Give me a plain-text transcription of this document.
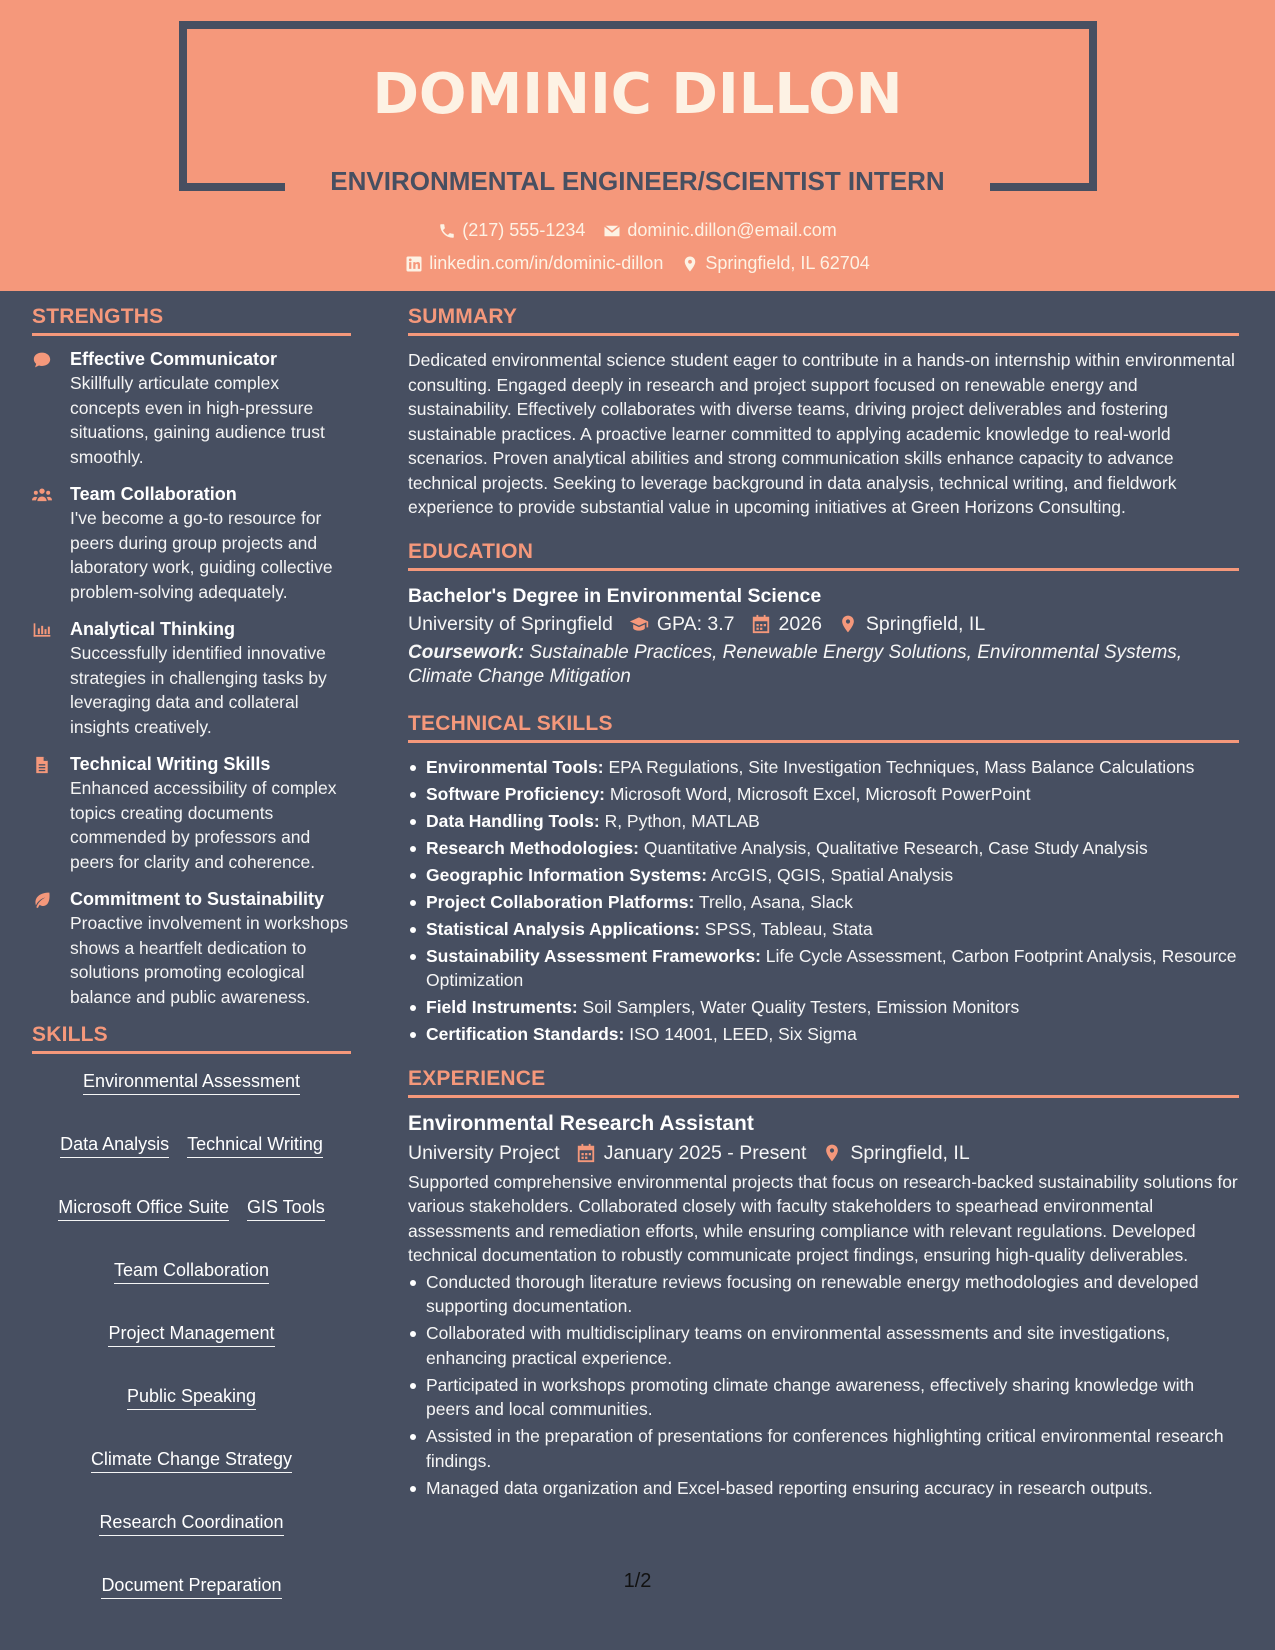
DOMINIC DILLON
ENVIRONMENTAL ENGINEER/SCIENTIST INTERN
(217) 555-1234 dominic.dillon@email.com
linkedin.com/in/dominic-dillon Springfield, IL 62704
STRENGTHS
Effective Communicator
Skillfully articulate complex concepts even in high-pressure situations, gaining audience trust smoothly.
Team Collaboration
I've become a go-to resource for peers during group projects and laboratory work, guiding collective problem-solving adequately.
Analytical Thinking
Successfully identified innovative strategies in challenging tasks by leveraging data and collateral insights creatively.
Technical Writing Skills
Enhanced accessibility of complex topics creating documents commended by professors and peers for clarity and coherence.
Commitment to Sustainability
Proactive involvement in workshops shows a heartfelt dedication to solutions promoting ecological balance and public awareness.
SKILLS
Environmental Assessment
Data Analysis Technical Writing
Microsoft Office Suite GIS Tools
Team Collaboration
Project Management
Public Speaking
Climate Change Strategy
Research Coordination
Document Preparation
SUMMARY
Dedicated environmental science student eager to contribute in a hands-on internship within environmental consulting. Engaged deeply in research and project support focused on renewable energy and sustainability. Effectively collaborates with diverse teams, driving project deliverables and fostering sustainable practices. A proactive learner committed to applying academic knowledge to real-world scenarios. Proven analytical abilities and strong communication skills enhance capacity to advance technical projects. Seeking to leverage background in data analysis, technical writing, and fieldwork experience to provide substantial value in upcoming initiatives at Green Horizons Consulting.
EDUCATION
Bachelor's Degree in Environmental Science
University of Springfield GPA: 3.7 2026 Springfield, IL
Coursework: Sustainable Practices, Renewable Energy Solutions, Environmental Systems, Climate Change Mitigation
TECHNICAL SKILLS
Environmental Tools: EPA Regulations, Site Investigation Techniques, Mass Balance Calculations
Software Proficiency: Microsoft Word, Microsoft Excel, Microsoft PowerPoint
Data Handling Tools: R, Python, MATLAB
Research Methodologies: Quantitative Analysis, Qualitative Research, Case Study Analysis
Geographic Information Systems: ArcGIS, QGIS, Spatial Analysis
Project Collaboration Platforms: Trello, Asana, Slack
Statistical Analysis Applications: SPSS, Tableau, Stata
Sustainability Assessment Frameworks: Life Cycle Assessment, Carbon Footprint Analysis, Resource Optimization
Field Instruments: Soil Samplers, Water Quality Testers, Emission Monitors
Certification Standards: ISO 14001, LEED, Six Sigma
EXPERIENCE
Environmental Research Assistant
University Project January 2025 - Present Springfield, IL
Supported comprehensive environmental projects that focus on research-backed sustainability solutions for various stakeholders. Collaborated closely with faculty stakeholders to spearhead environmental assessments and remediation efforts, while ensuring compliance with relevant regulations. Developed technical documentation to robustly communicate project findings, ensuring high-quality deliverables.
Conducted thorough literature reviews focusing on renewable energy methodologies and developed supporting documentation.
Collaborated with multidisciplinary teams on environmental assessments and site investigations, enhancing practical experience.
Participated in workshops promoting climate change awareness, effectively sharing knowledge with peers and local communities.
Assisted in the preparation of presentations for conferences highlighting critical environmental research findings.
Managed data organization and Excel-based reporting ensuring accuracy in research outputs.
1/2
